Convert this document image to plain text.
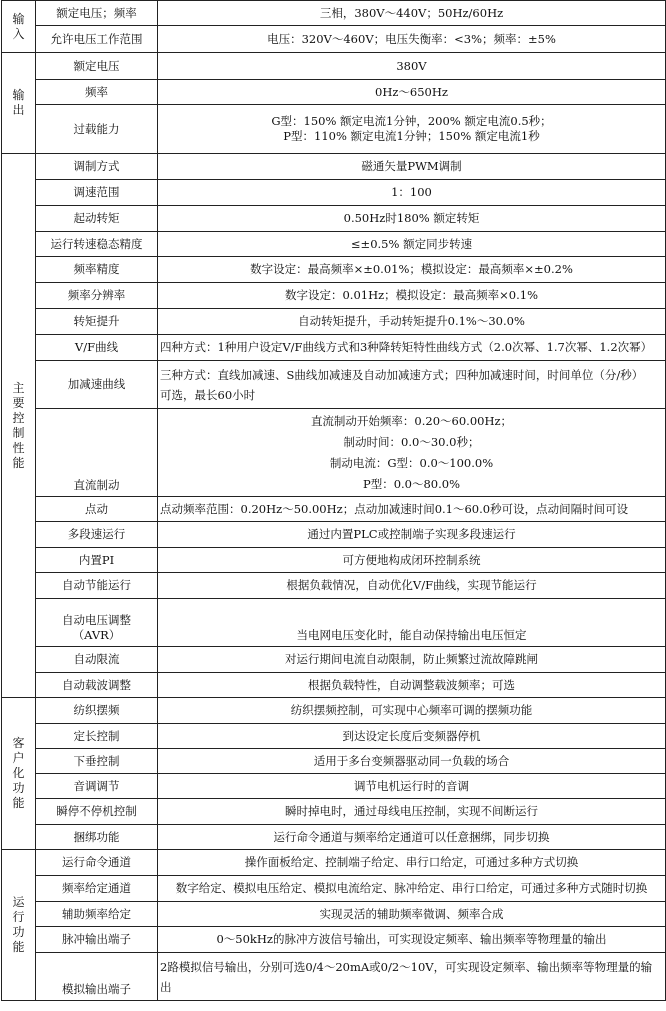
输入	额定电压；频率	三相，380V～440V；50Hz/60Hz

	允许电压工作范围	电压：320V～460V；电压失衡率：<3%；频率：±5%

输出	额定电压	380V

	频率	0Hz～650Hz

	过载能力	G型：150% 额定电流1分钟，200% 额定电流0.5秒；
P型：110% 额定电流1分钟；150% 额定电流1秒

主要控制性能	调制方式	磁通矢量PWM调制

	调速范围	1：100

	起动转矩	0.50Hz时180% 额定转矩

	运行转速稳态精度	≤±0.5% 额定同步转速

	频率精度	数字设定：最高频率×±0.01%；模拟设定：最高频率×±0.2%

	频率分辨率	数字设定：0.01Hz；模拟设定：最高频率×0.1%

	转矩提升	自动转矩提升，手动转矩提升0.1%～30.0%

	V/F曲线	四种方式：1种用户设定V/F曲线方式和3种降转矩特性曲线方式（2.0次幂、1.7次幂、1.2次幂）

	加减速曲线	三种方式：直线加减速、S曲线加减速及自动加减速方式；四种加减速时间，时间单位（分/秒）
可选，最长60小时

	直流制动	直流制动开始频率：0.20～60.00Hz；
制动时间：0.0～30.0秒；
制动电流：G型：0.0～100.0%
P型：0.0～80.0%

	点动	点动频率范围：0.20Hz～50.00Hz；点动加减速时间0.1～60.0秒可设，点动间隔时间可设

	多段速运行	通过内置PLC或控制端子实现多段速运行

	内置PI	可方便地构成闭环控制系统

	自动节能运行	根据负载情况，自动优化V/F曲线，实现节能运行

	自动电压调整
（AVR）	当电网电压变化时，能自动保持输出电压恒定

	自动限流	对运行期间电流自动限制，防止频繁过流故障跳闸

	自动载波调整	根据负载特性，自动调整载波频率；可选

客户化功能	纺织摆频	纺织摆频控制，可实现中心频率可调的摆频功能

	定长控制	到达设定长度后变频器停机

	下垂控制	适用于多台变频器驱动同一负载的场合

	音调调节	调节电机运行时的音调

	瞬停不停机控制	瞬时掉电时，通过母线电压控制，实现不间断运行

	捆绑功能	运行命令通道与频率给定通道可以任意捆绑，同步切换

运行功能	运行命令通道	操作面板给定、控制端子给定、串行口给定，可通过多种方式切换

	频率给定通道	数字给定、模拟电压给定、模拟电流给定、脉冲给定、串行口给定，可通过多种方式随时切换

	辅助频率给定	实现灵活的辅助频率微调、频率合成

	脉冲输出端子	0～50kHz的脉冲方波信号输出，可实现设定频率、输出频率等物理量的输出

	模拟输出端子	2路模拟信号输出，分别可选0/4～20mA或0/2～10V，可实现设定频率、输出频率等物理量的输
出
